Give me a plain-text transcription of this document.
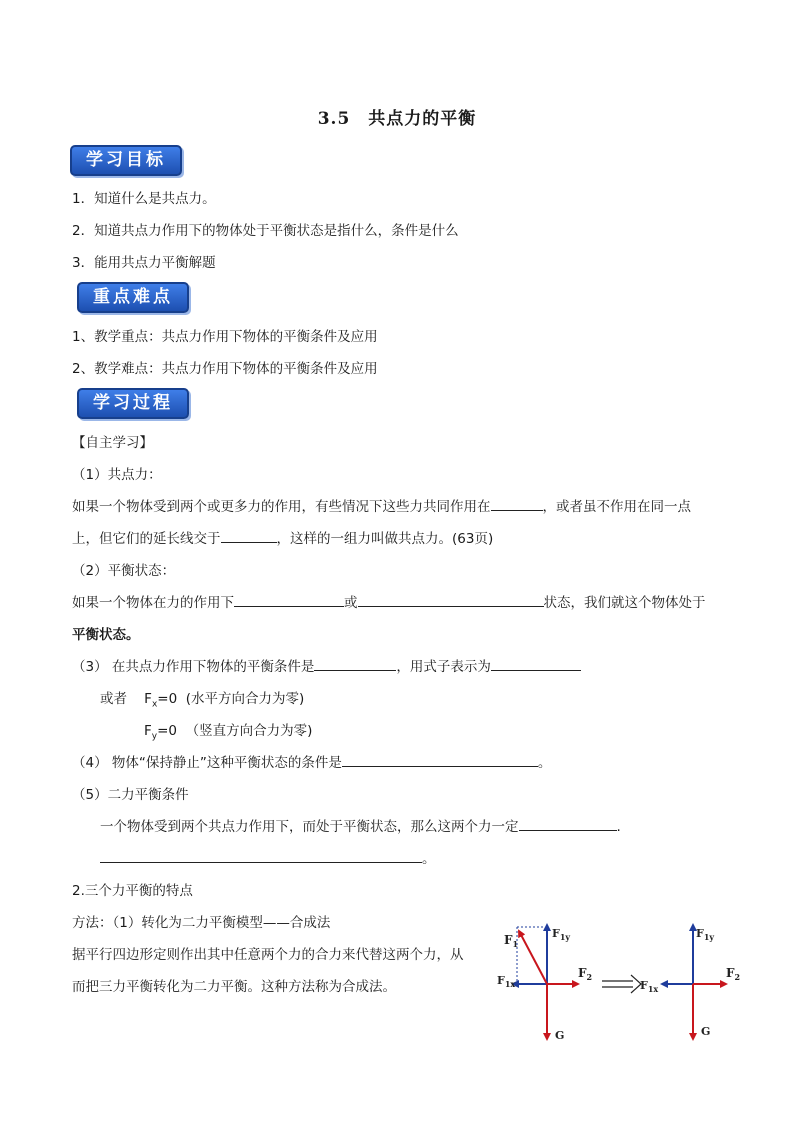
3.5　共点力的平衡
学习目标
1．知道什么是共点力。
2．知道共点力作用下的物体处于平衡状态是指什么，条件是什么
3．能用共点力平衡解题
重点难点
1、教学重点：共点力作用下物体的平衡条件及应用
2、教学难点：共点力作用下物体的平衡条件及应用
学习过程
【自主学习】
（1）共点力：
如果一个物体受到两个或更多力的作用，有些情况下这些力共同作用在	，或者虽不作用在同一点
上，但它们的延长线交于	，这样的一组力叫做共点力。(63页)
（2）平衡状态：
如果一个物体在力的作用下	或	状态，我们就这个物体处于
平衡状态。
（3） 在共点力作用下物体的平衡条件是	，用式子表示为
或者 $F_x=0$ (水平方向合力为零)
$F_y=0$ （竖直方向合力为零)
（4） 物体“保持静止”这种平衡状态的条件是	。
（5）二力平衡条件
一个物体受到两个共点力作用下，而处于平衡状态，那么这两个力一定	.
。
2.三个力平衡的特点
方法：（1）转化为二力平衡模型——合成法
据平行四边形定则作出其中任意两个力的合力来代替这两个力，从
而把三力平衡转化为二力平衡。这种方法称为合成法。
$F_1$
$F_{1y}$
$F_{1x}$
$F_2$
G
$F_{1y}$
$F_{1x}$
$F_2$
G
